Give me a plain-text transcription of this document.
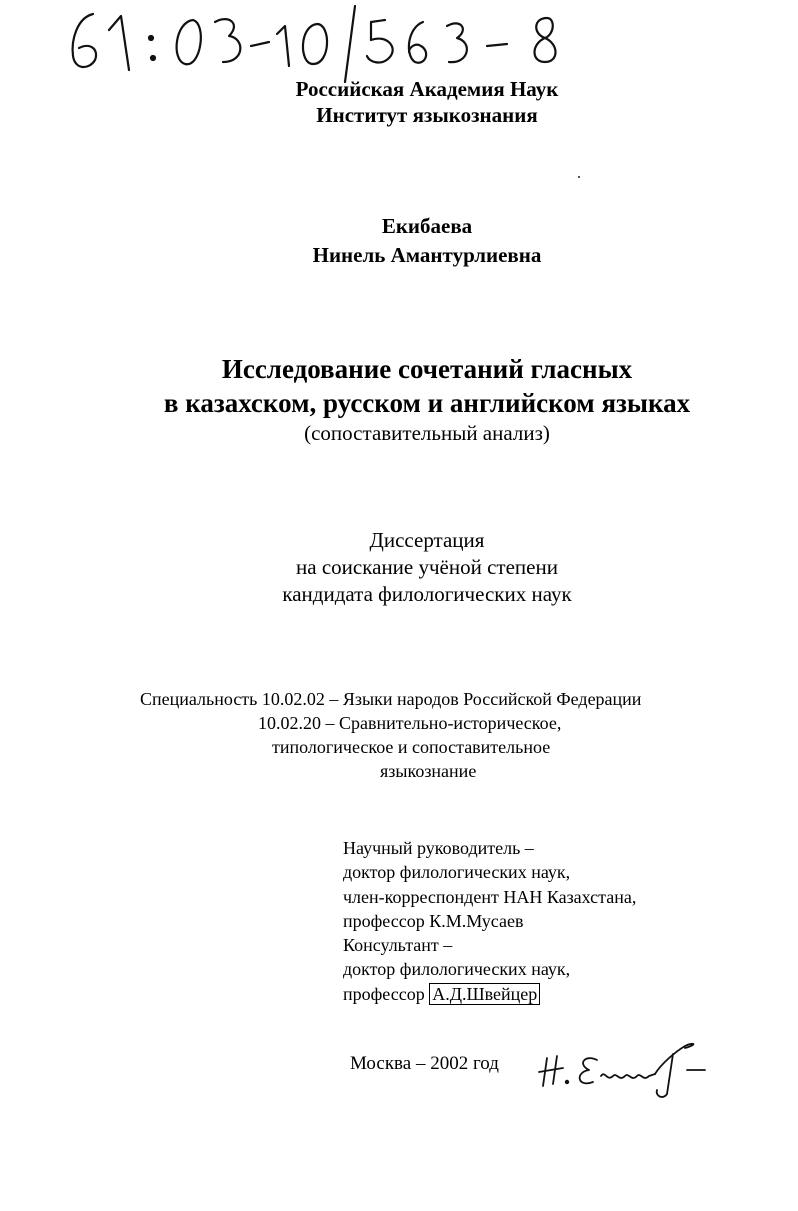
Российская Академия Наук
Институт языкознания
Екибаева
Нинель Амантурлиевна
Исследование сочетаний гласных
в казахском, русском и английском языках
(сопоставительный анализ)
Диссертация
на соискание учёной степени
кандидата филологических наук
Специальность 10.02.02 – Языки народов Российской Федерации
10.02.20 – Сравнительно-историческое,
типологическое и сопоставительное
языкознание
Научный руководитель –
доктор филологических наук,
член-корреспондент НАН Казахстана,
профессор К.М.Мусаев
Консультант –
доктор филологических наук,
профессор А.Д.Швейцер
Москва – 2002 год
